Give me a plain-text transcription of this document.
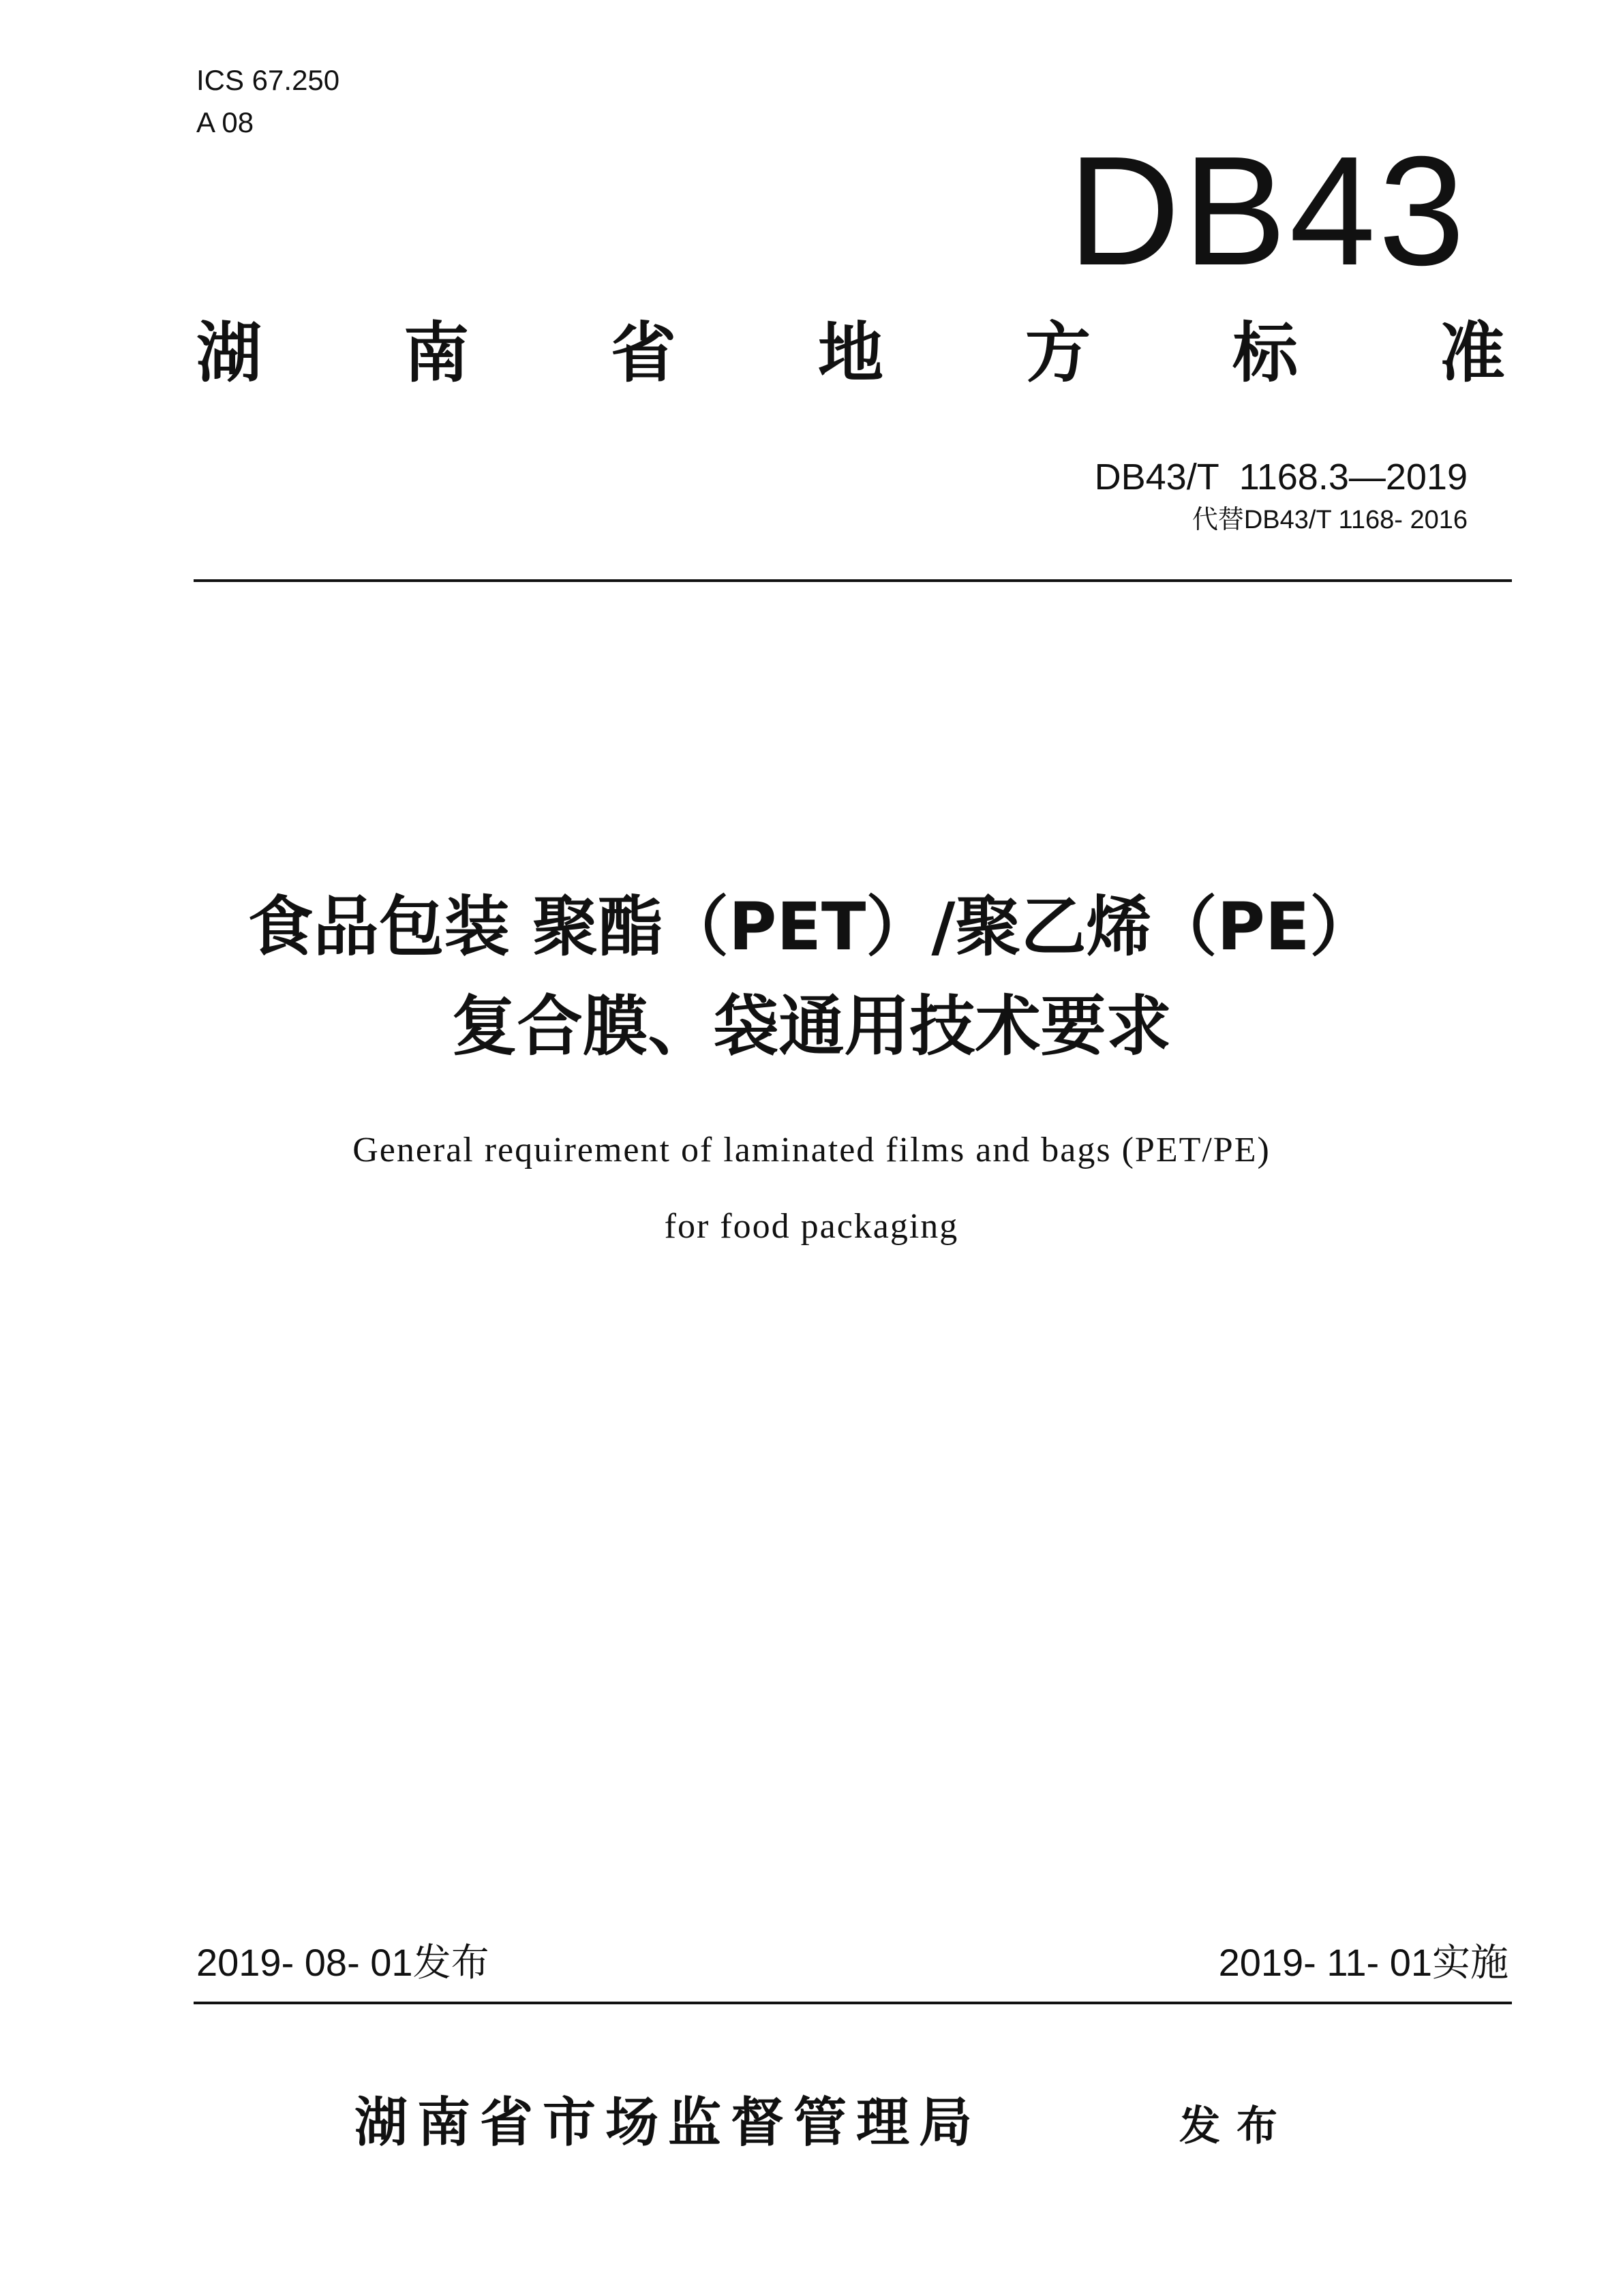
ICS 67.250
A 08
DB43
湖 南 省 地 方 标 准
DB43/T  1168.3—2019
代替DB43/T 1168- 2016
食品包装 聚酯（PET）/聚乙烯（PE）
复合膜、袋通用技术要求
General requirement of laminated films and bags (PET/PE)
for food packaging
2019- 08- 01发布	2019- 11- 01实施
湖南省市场监督管理局	发布
